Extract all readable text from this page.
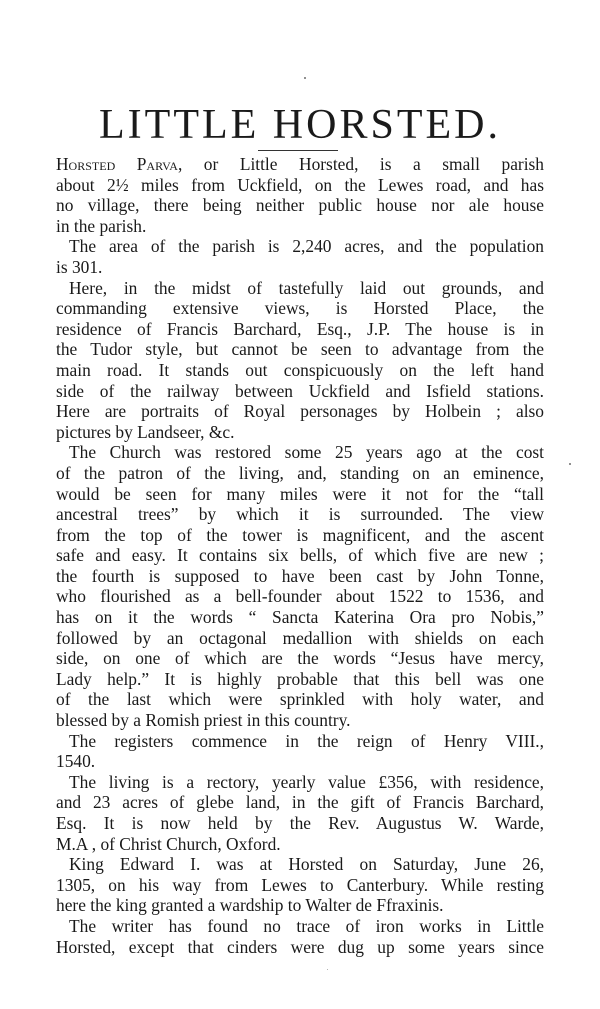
LITTLE HORSTED.
Horsted Parva, or Little Horsted, is a small parish
about 2½ miles from Uckfield, on the Lewes road, and has
no village, there being neither public house nor ale house
in the parish.
The area of the parish is 2,240 acres, and the population
is 301.
Here, in the midst of tastefully laid out grounds, and
commanding extensive views, is Horsted Place, the
residence of Francis Barchard, Esq., J.P. The house is in
the Tudor style, but cannot be seen to advantage from the
main road. It stands out conspicuously on the left hand
side of the railway between Uckfield and Isfield stations.
Here are portraits of Royal personages by Holbein ; also
pictures by Landseer, &c.
The Church was restored some 25 years ago at the cost
of the patron of the living, and, standing on an eminence,
would be seen for many miles were it not for the “tall
ancestral trees” by which it is surrounded. The view
from the top of the tower is magnificent, and the ascent
safe and easy. It contains six bells, of which five are new ;
the fourth is supposed to have been cast by John Tonne,
who flourished as a bell-founder about 1522 to 1536, and
has on it the words “ Sancta Katerina Ora pro Nobis,”
followed by an octagonal medallion with shields on each
side, on one of which are the words “Jesus have mercy,
Lady help.” It is highly probable that this bell was one
of the last which were sprinkled with holy water, and
blessed by a Romish priest in this country.
The registers commence in the reign of Henry VIII.,
1540.
The living is a rectory, yearly value £356, with residence,
and 23 acres of glebe land, in the gift of Francis Barchard,
Esq. It is now held by the Rev. Augustus W. Warde,
M.A , of Christ Church, Oxford.
King Edward I. was at Horsted on Saturday, June 26,
1305, on his way from Lewes to Canterbury. While resting
here the king granted a wardship to Walter de Ffraxinis.
The writer has found no trace of iron works in Little
Horsted, except that cinders were dug up some years since
